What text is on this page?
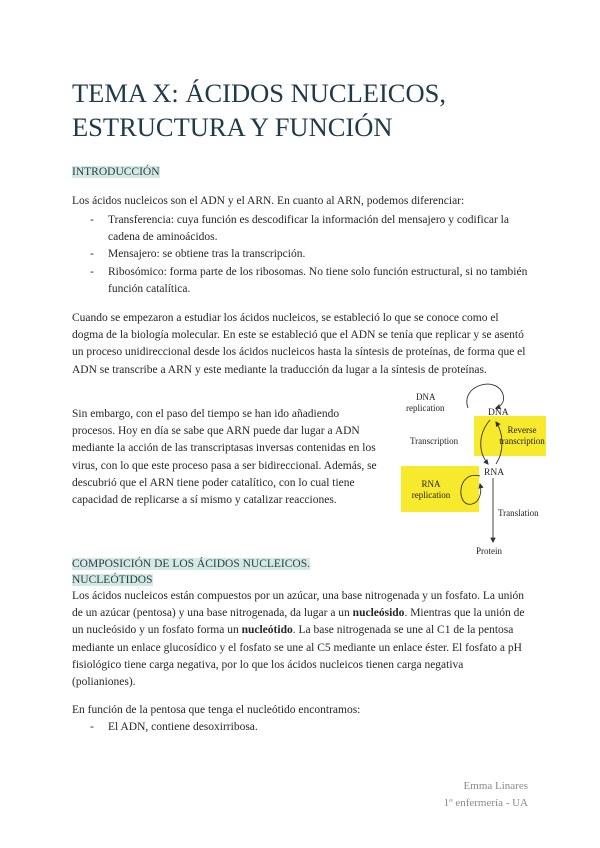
TEMA X: ÁCIDOS NUCLEICOS,
ESTRUCTURA Y FUNCIÓN
INTRODUCCIÓN

Los ácidos nucleicos son el ADN y el ARN. En cuanto al ARN, podemos diferenciar:

- Transferencia: cuya función es descodificar la información del mensajero y codificar la cadena de aminoácidos.
- Mensajero: se obtiene tras la transcripción.
- Ribosómico: forma parte de los ribosomas. No tiene solo función estructural, si no también función catalítica.

Cuando se empezaron a estudiar los ácidos nucleicos, se estableció lo que se conoce como el dogma de la biología molecular. En este se estableció que el ADN se tenía que replicar y se asentó un proceso unidireccional desde los ácidos nucleicos hasta la síntesis de proteínas, de forma que el ADN se transcribe a ARN y este mediante la traducción da lugar a la síntesis de proteínas.

Sin embargo, con el paso del tiempo se han ido añadiendo procesos. Hoy en día se sabe que ARN puede dar lugar a ADN mediante la acción de las transcriptasas inversas contenidas en los virus, con lo que este proceso pasa a ser bidireccional. Además, se descubrió que el ARN tiene poder catalítico, con lo cual tiene capacidad de replicarse a sí mismo y catalizar reacciones.

DNA
replication	DNA
Transcription
Reverse
transcription
RNA
RNA
replication
Translation
Protein
COMPOSICIÓN DE LOS ÁCIDOS NUCLEICOS.
NUCLEÓTIDOS

Los ácidos nucleicos están compuestos por un azúcar, una base nitrogenada y un fosfato. La unión de un azúcar (pentosa) y una base nitrogenada, da lugar a un nucleósido. Mientras que la unión de un nucleósido y un fosfato forma un nucleótido. La base nitrogenada se une al C1 de la pentosa mediante un enlace glucosídico y el fosfato se une al C5 mediante un enlace éster. El fosfato a pH fisiológico tiene carga negativa, por lo que los ácidos nucleicos tienen carga negativa (polianiones).

En función de la pentosa que tenga el nucleótido encontramos:

- El ADN, contiene desoxirribosa.
Emma Linares
1º enfermería - UA
